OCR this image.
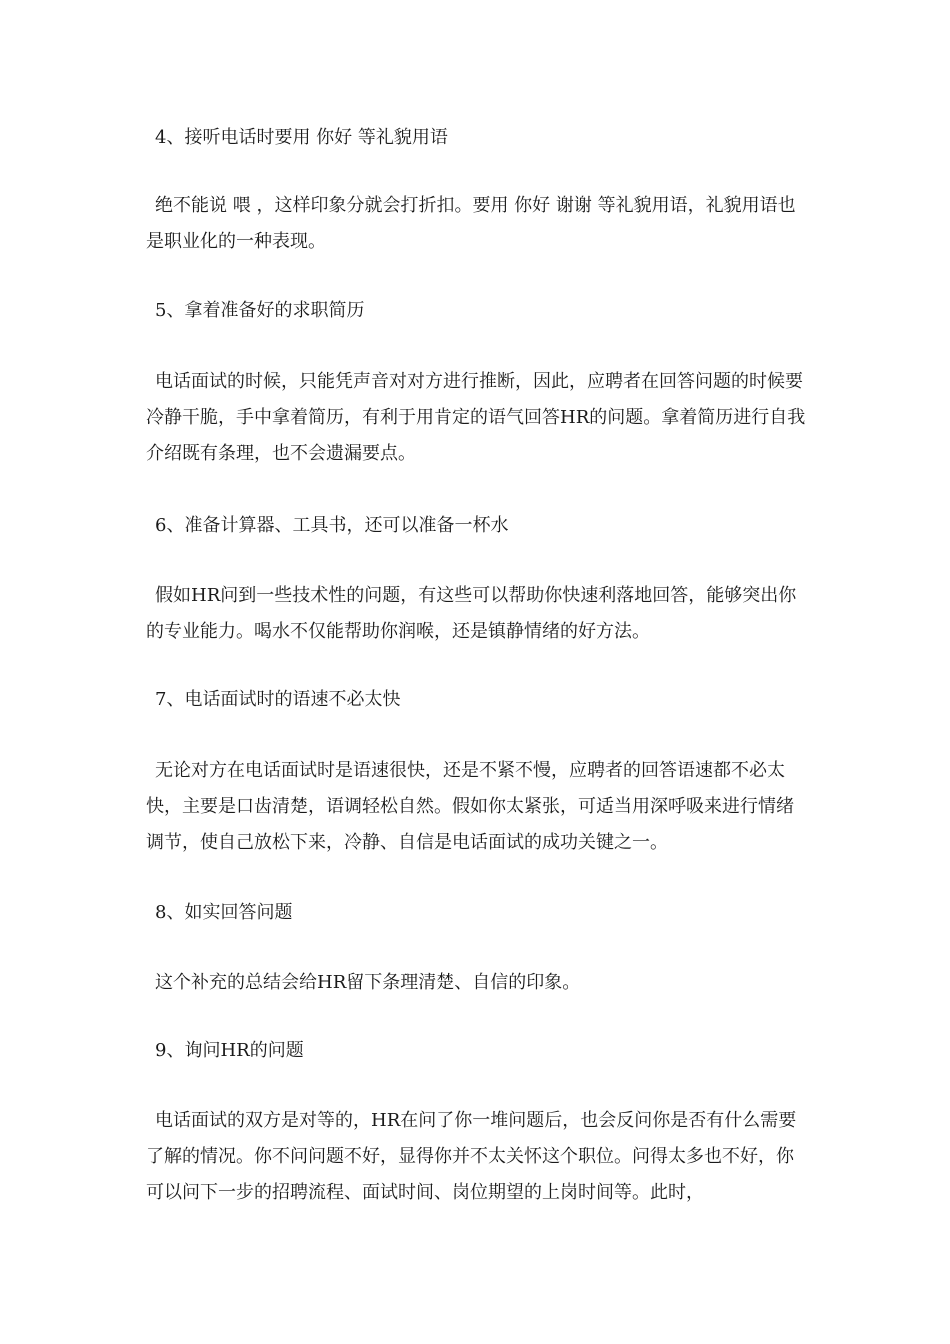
4、接听电话时要用 你好 等礼貌用语

绝不能说 喂 ，这样印象分就会打折扣。要用 你好 谢谢 等礼貌用语，礼貌用语也是职业化的一种表现。

5、拿着准备好的求职简历

电话面试的时候，只能凭声音对对方进行推断，因此，应聘者在回答问题的时候要冷静干脆，手中拿着简历，有利于用肯定的语气回答HR的问题。拿着简历进行自我介绍既有条理，也不会遗漏要点。

6、准备计算器、工具书，还可以准备一杯水

假如HR问到一些技术性的问题，有这些可以帮助你快速利落地回答，能够突出你的专业能力。喝水不仅能帮助你润喉，还是镇静情绪的好方法。

7、电话面试时的语速不必太快

无论对方在电话面试时是语速很快，还是不紧不慢，应聘者的回答语速都不必太快，主要是口齿清楚，语调轻松自然。假如你太紧张，可适当用深呼吸来进行情绪调节，使自己放松下来，冷静、自信是电话面试的成功关键之一。

8、如实回答问题

这个补充的总结会给HR留下条理清楚、自信的印象。

9、询问HR的问题

电话面试的双方是对等的，HR在问了你一堆问题后，也会反问你是否有什么需要了解的情况。你不问问题不好，显得你并不太关怀这个职位。问得太多也不好，你可以问下一步的招聘流程、面试时间、岗位期望的上岗时间等。此时，
